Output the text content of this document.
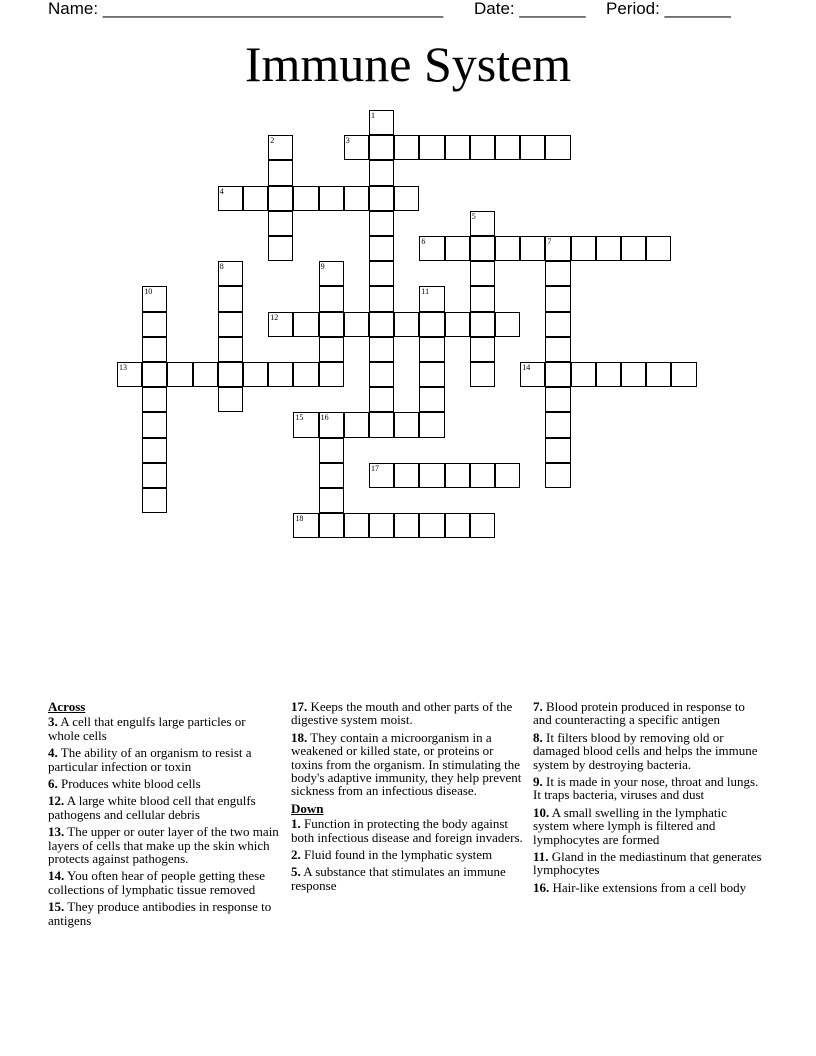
Name: ____________________________________ Date: _______ Period: _______
Immune System
1
2	3
4
5
6	7
8	9
10	11
12
13	14
15 16
17
18
Across
3. A cell that engulfs large particles or whole cells
4. The ability of an organism to resist a particular infection or toxin
6. Produces white blood cells
12. A large white blood cell that engulfs pathogens and cellular debris
13. The upper or outer layer of the two main layers of cells that make up the skin which protects against pathogens.
14. You often hear of people getting these collections of lymphatic tissue removed
15. They produce antibodies in response to antigens
17. Keeps the mouth and other parts of the digestive system moist.
18. They contain a microorganism in a weakened or killed state, or proteins or toxins from the organism. In stimulating the body's adaptive immunity, they help prevent sickness from an infectious disease.
Down
1. Function in protecting the body against both infectious disease and foreign invaders.
2. Fluid found in the lymphatic system
5. A substance that stimulates an immune response
7. Blood protein produced in response to and counteracting a specific antigen
8. It filters blood by removing old or damaged blood cells and helps the immune system by destroying bacteria.
9. It is made in your nose, throat and lungs. It traps bacteria, viruses and dust
10. A small swelling in the lymphatic system where lymph is filtered and lymphocytes are formed
11. Gland in the mediastinum that generates lymphocytes
16. Hair-like extensions from a cell body
